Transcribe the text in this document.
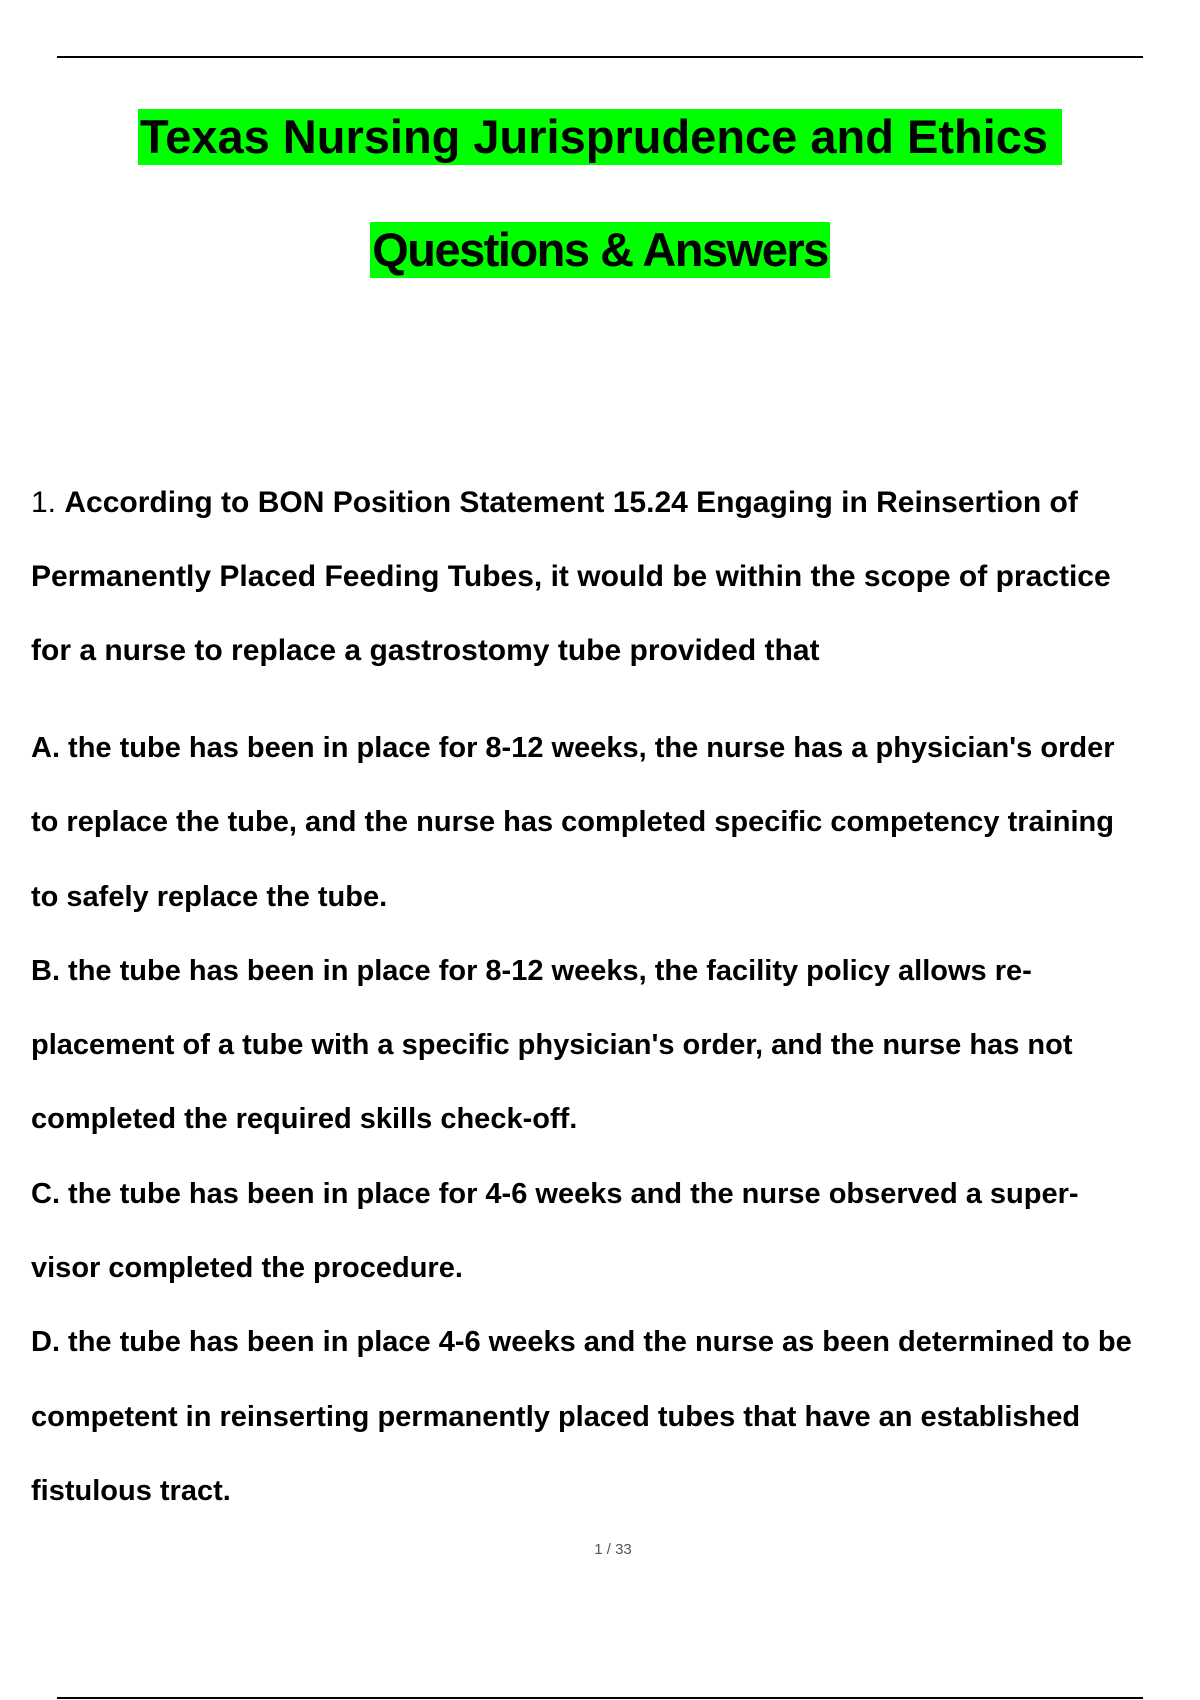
Texas Nursing Jurisprudence and Ethics
Questions & Answers
1. According to BON Position Statement 15.24 Engaging in Reinsertion of
Permanently Placed Feeding Tubes, it would be within the scope of practice
for a nurse to replace a gastrostomy tube provided that
A. the tube has been in place for 8-12 weeks, the nurse has a physician's order
to replace the tube, and the nurse has completed specific competency training
to safely replace the tube.
B. the tube has been in place for 8-12 weeks, the facility policy allows re-
placement of a tube with a specific physician's order, and the nurse has not
completed the required skills check-off.
C. the tube has been in place for 4-6 weeks and the nurse observed a super-
visor completed the procedure.
D. the tube has been in place 4-6 weeks and the nurse as been determined to be
competent in reinserting permanently placed tubes that have an established
fistulous tract.
1 / 33
